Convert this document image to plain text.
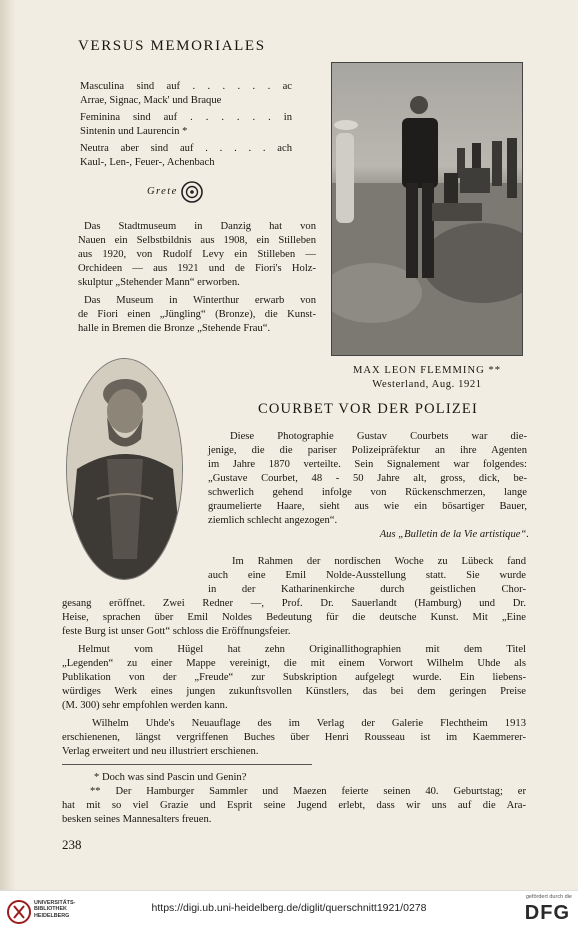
VERSUS MEMORIALES
Masculina sind auf . . . . . . ac
Arrae, Signac, Mack' und Braque
Feminina sind auf . . . . . . in
Sintenin und Laurencin *
Neutra aber sind auf . . . . . ach
Kaul-, Len-, Feuer-, Achenbach
Grete
Das Stadtmuseum in Danzig hat von
Nauen ein Selbstbildnis aus 1908, ein Stilleben
aus 1920, von Rudolf Levy ein Stilleben —
Orchideen — aus 1921 und de Fiori's Holz-
skulptur „Stehender Mann“ erworben.
Das Museum in Winterthur erwarb von
de Fiori einen „Jüngling“ (Bronze), die Kunst-
halle in Bremen die Bronze „Stehende Frau“.
MAX LEON FLEMMING **
Westerland, Aug. 1921
COURBET VOR DER POLIZEI
Diese Photographie Gustav Courbets war die-
jenige, die die pariser Polizeipräfektur an ihre Agenten
im Jahre 1870 verteilte. Sein Signalement war folgendes:
„Gustave Courbet, 48 - 50 Jahre alt, gross, dick, be-
schwerlich gehend infolge von Rückenschmerzen, lange
graumelierte Haare, sieht aus wie ein bösartiger Bauer,
ziemlich schlecht angezogen“.
Aus „Bulletin de la Vie artistique“.
Im Rahmen der nordischen Woche zu Lübeck fand
auch eine Emil Nolde-Ausstellung statt. Sie wurde
in der Katharinenkirche durch geistlichen Chor-
gesang eröffnet. Zwei Redner —, Prof. Dr. Sauerlandt (Hamburg) und Dr.
Heise, sprachen über Emil Noldes Bedeutung für die deutsche Kunst. Mit „Eine
feste Burg ist unser Gott“ schloss die Eröffnungsfeier.
Helmut vom Hügel hat zehn Originallithographien mit dem Titel
„Legenden“ zu einer Mappe vereinigt, die mit einem Vorwort Wilhelm Uhde als
Publikation von der „Freude“ zur Subskription aufgelegt wurde. Ein liebens-
würdiges Werk eines jungen zukunftsvollen Künstlers, das bei dem geringen Preise
(M. 300) sehr empfohlen werden kann.
Wilhelm Uhde's Neuauflage des im Verlag der Galerie Flechtheim 1913
erschienenen, längst vergriffenen Buches über Henri Rousseau ist im Kaemmerer-
Verlag erweitert und neu illustriert erschienen.
* Doch was sind Pascin und Genin?
** Der Hamburger Sammler und Maezen feierte seinen 40. Geburtstag; er
hat mit so viel Grazie und Esprit seine Jugend erlebt, dass wir uns auf die Ara-
besken seines Mannesalters freuen.
238
UNIVERSITÄTS-
BIBLIOTHEK
HEIDELBERG
https://digi.ub.uni-heidelberg.de/diglit/querschnitt1921/0278
gefördert durch die
DFG
